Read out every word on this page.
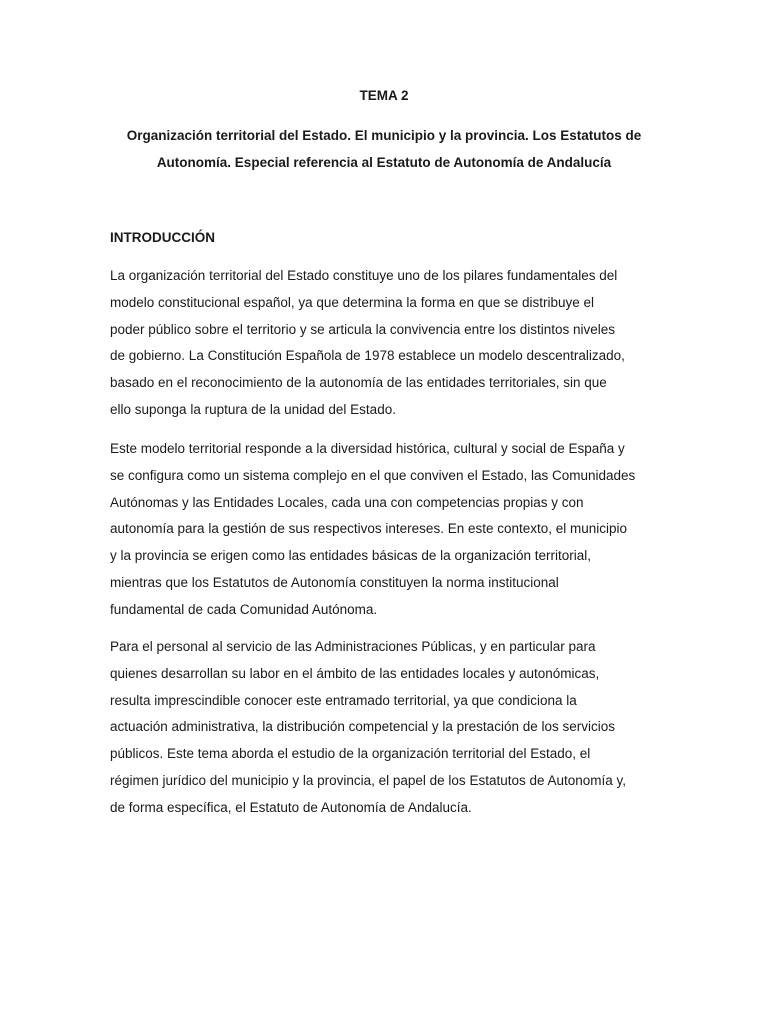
TEMA 2
Organización territorial del Estado. El municipio y la provincia. Los Estatutos de
Autonomía. Especial referencia al Estatuto de Autonomía de Andalucía
INTRODUCCIÓN

La organización territorial del Estado constituye uno de los pilares fundamentales del
modelo constitucional español, ya que determina la forma en que se distribuye el
poder público sobre el territorio y se articula la convivencia entre los distintos niveles
de gobierno. La Constitución Española de 1978 establece un modelo descentralizado,
basado en el reconocimiento de la autonomía de las entidades territoriales, sin que
ello suponga la ruptura de la unidad del Estado.

Este modelo territorial responde a la diversidad histórica, cultural y social de España y
se configura como un sistema complejo en el que conviven el Estado, las Comunidades
Autónomas y las Entidades Locales, cada una con competencias propias y con
autonomía para la gestión de sus respectivos intereses. En este contexto, el municipio
y la provincia se erigen como las entidades básicas de la organización territorial,
mientras que los Estatutos de Autonomía constituyen la norma institucional
fundamental de cada Comunidad Autónoma.

Para el personal al servicio de las Administraciones Públicas, y en particular para
quienes desarrollan su labor en el ámbito de las entidades locales y autonómicas,
resulta imprescindible conocer este entramado territorial, ya que condiciona la
actuación administrativa, la distribución competencial y la prestación de los servicios
públicos. Este tema aborda el estudio de la organización territorial del Estado, el
régimen jurídico del municipio y la provincia, el papel de los Estatutos de Autonomía y,
de forma específica, el Estatuto de Autonomía de Andalucía.
